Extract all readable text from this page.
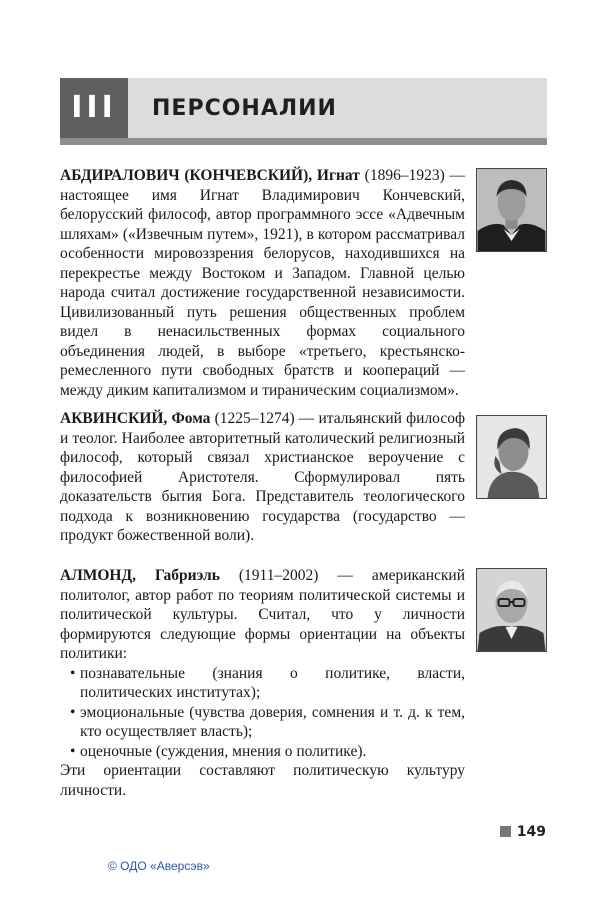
III	ПЕРСОНАЛИИ
АБДИРАЛОВИЧ (КОНЧЕВСКИЙ), Игнат (1896–1923) — настоящее имя Игнат Владимирович Кончевский, белорусский философ, автор программного эссе «Адвечным шляхам» («Извечным путем», 1921), в котором рассматривал особенности мировоззрения белорусов, находившихся на перекрестье между Востоком и Западом. Главной целью народа считал достижение государственной независимости. Цивилизованный путь решения общественных проблем видел в ненасильственных формах социального объединения людей, в выборе «третьего, крестьянско-ремесленного пути свободных братств и коопераций — между диким капитализмом и тираническим социализмом».
АКВИНСКИЙ, Фома (1225–1274) — итальянский философ и теолог. Наиболее авторитетный католический религиозный философ, который связал христианское вероучение с философией Аристотеля. Сформулировал пять доказательств бытия Бога. Представитель теологического подхода к возникновению государства (государство — продукт божественной воли).
АЛМОНД, Габриэль (1911–2002) — американский политолог, автор работ по теориям политической системы и политической культуры. Считал, что у личности формируются следующие формы ориентации на объекты политики:
• познавательные (знания о политике, власти, политических институтах);
• эмоциональные (чувства доверия, сомнения и т. д. к тем, кто осуществляет власть);
• оценочные (суждения, мнения о политике).
Эти ориентации составляют политическую культуру личности.
149
© ОДО «Аверсэв»
